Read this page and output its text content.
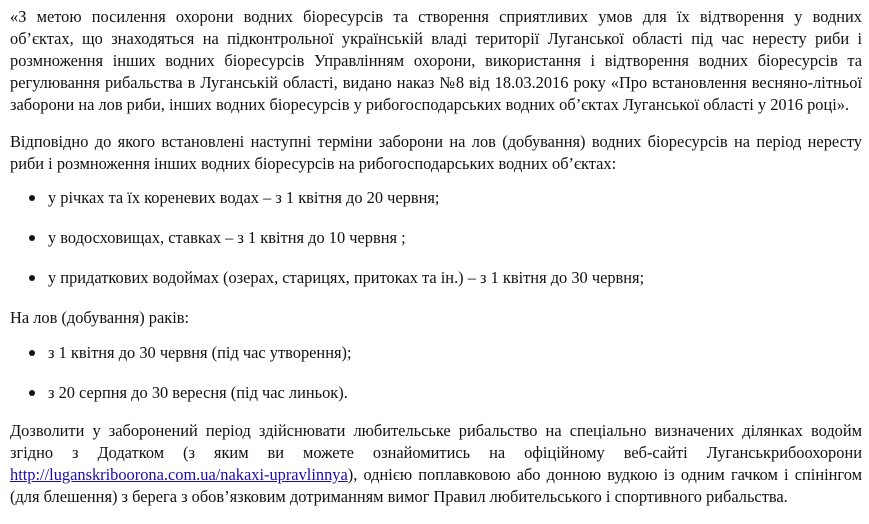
«З метою посилення охорони водних біоресурсів та створення сприятливих умов для їх відтворення у водних
об’єктах, що знаходяться на підконтрольної українській владі території Луганської області під час нересту риби і розмноження інших водних біоресурсів Управлінням охорони, використання і відтворення водних біоресурсів та регулювання рибальства в Луганській області, видано наказ №8 від 18.03.2016 року «Про встановлення весняно-літньої заборони на лов риби, інших водних біоресурсів у рибогосподарських водних об’єктах Луганської області у 2016 році».

Відповідно до якого встановлені наступні терміни заборони на лов (добування) водних біоресурсів на період нересту риби і розмноження інших водних біоресурсів на рибогосподарських водних об’єктах:

у річках та їх кореневих водах – з 1 квітня до 20 червня;
у водосховищах, ставках – з 1 квітня до 10 червня ;
у придаткових водоймах (озерах, старицях, притоках та ін.) – з 1 квітня до 30 червня;

На лов (добування) раків:

з 1 квітня до 30 червня (під час утворення);
з 20 серпня до 30 вересня (під час линьок).

Дозволити у заборонений період здійснювати любительське рибальство на спеціально визначених ділянках водойм згідно з Додатком (з яким ви можете ознайомитись на офіційному веб-сайті Луганськрибоохорони http://luganskriboorona.com.ua/nakaxi-upravlinnya), однією поплавковою або донною вудкою із одним гачком і спінінгом (для блешення) з берега з обов’язковим дотриманням вимог Правил любительського і спортивного рибальства.
